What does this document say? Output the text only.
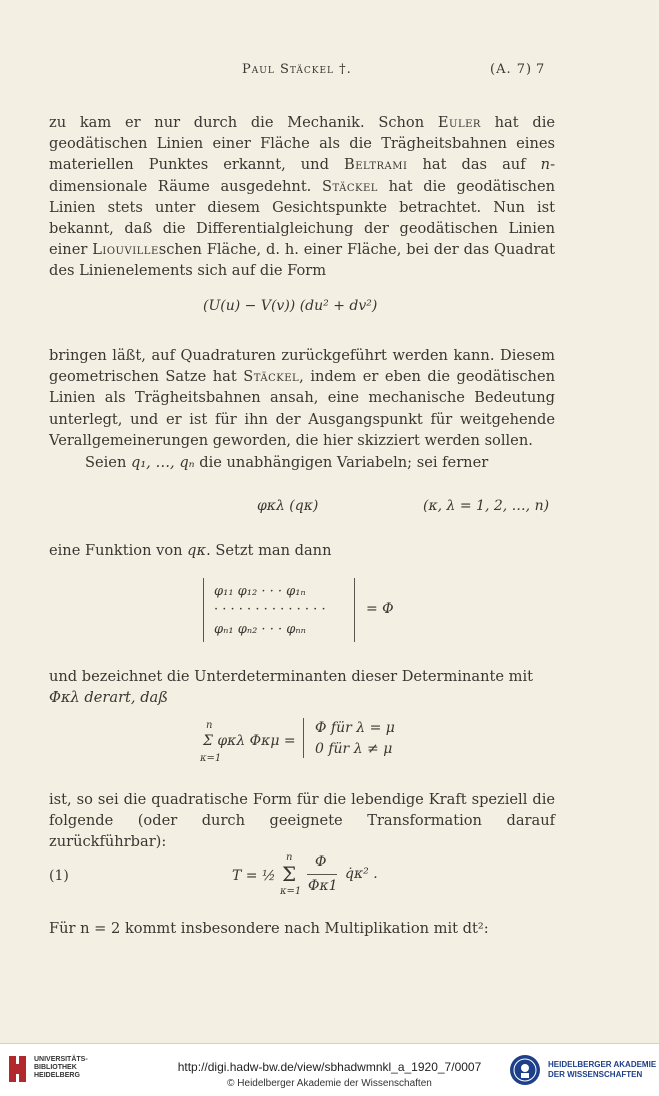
Paul Stäckel †.	(A. 7) 7

zu kam er nur durch die Mechanik. Schon Euler hat die geodätischen Linien einer Fläche als die Trägheitsbahnen eines materiellen Punktes erkannt, und Beltrami hat das auf n-dimensionale Räume ausgedehnt. Stäckel hat die geodätischen Linien stets unter diesem Gesichtspunkte betrachtet. Nun ist bekannt, daß die Differentialgleichung der geodätischen Linien einer Liouvilleschen Fläche, d. h. einer Fläche, bei der das Quadrat des Linienelements sich auf die Form

(U(u) − V(v)) (du² + dv²)

bringen läßt, auf Quadraturen zurückgeführt werden kann. Diesem geometrischen Satze hat Stäckel, indem er eben die geodätischen Linien als Trägheitsbahnen ansah, eine mechanische Bedeutung unterlegt, und er ist für ihn der Ausgangspunkt für weitgehende Verallgemeinerungen geworden, die hier skizziert werden sollen.

Seien q₁, …, qₙ die unabhängigen Variabeln; sei ferner

φκλ (qκ)	(κ, λ = 1, 2, …, n)

eine Funktion von qκ. Setzt man dann

φ₁₁ φ₁₂ · · · φ₁ₙ
· · · · · · · · · · · · · ·
φₙ₁ φₙ₂ · · · φₙₙ
= Φ

und bezeichnet die Unterdeterminanten dieser Determinante mit

Φκλ derart, daß

n
Σ φκλ Φκμ =
κ=1
Φ für λ = μ
0 für λ ≠ μ

ist, so sei die quadratische Form für die lebendige Kraft speziell die folgende (oder durch geeignete Transformation darauf zurückführbar):

(1)	T = ½
n
Σ
κ=1
Φ
Φκ1
q̇κ² .

Für n = 2 kommt insbesondere nach Multiplikation mit dt²:

UNIVERSITÄTS-
BIBLIOTHEK
HEIDELBERG
http://digi.hadw-bw.de/view/sbhadwmnkl_a_1920_7/0007
© Heidelberger Akademie der Wissenschaften
HEIDELBERGER AKADEMIE
DER WISSENSCHAFTEN
